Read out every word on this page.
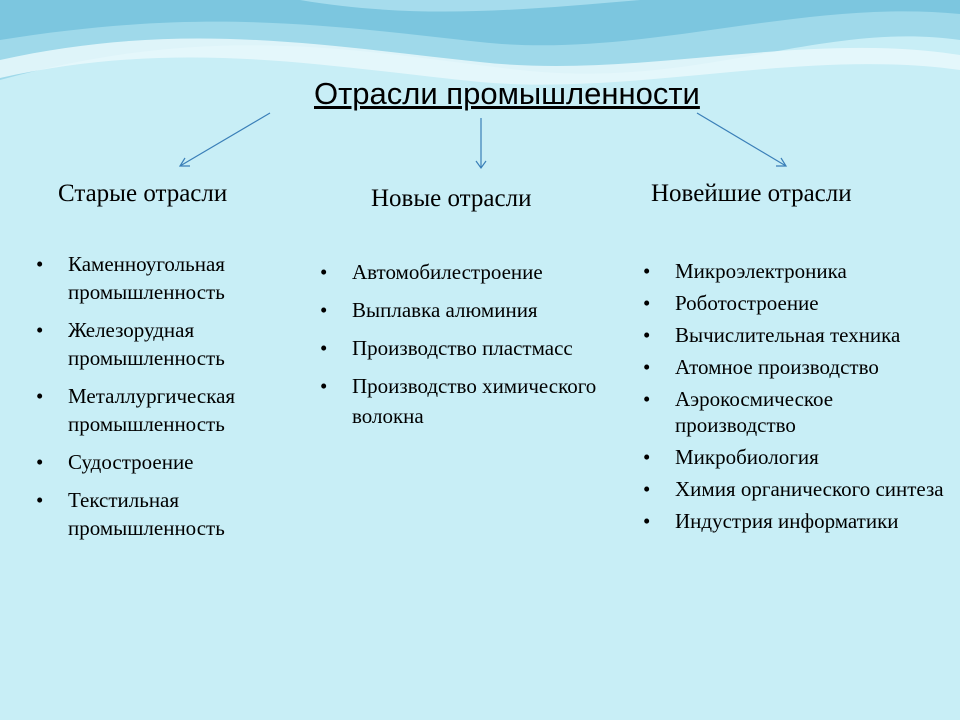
Отрасли промышленности
Старые отрасли	Новые отрасли	Новейшие отрасли
• Каменноугольная промышленность
• Железорудная промышленность
• Металлургическая промышленность
• Судостроение
• Текстильная промышленность
• Автомобилестроение
• Выплавка алюминия
• Производство пластмасс
• Производство химического волокна
• Микроэлектроника
• Роботостроение
• Вычислительная техника
• Атомное производство
• Аэрокосмическое производство
• Микробиология
• Химия органического синтеза
• Индустрия информатики
